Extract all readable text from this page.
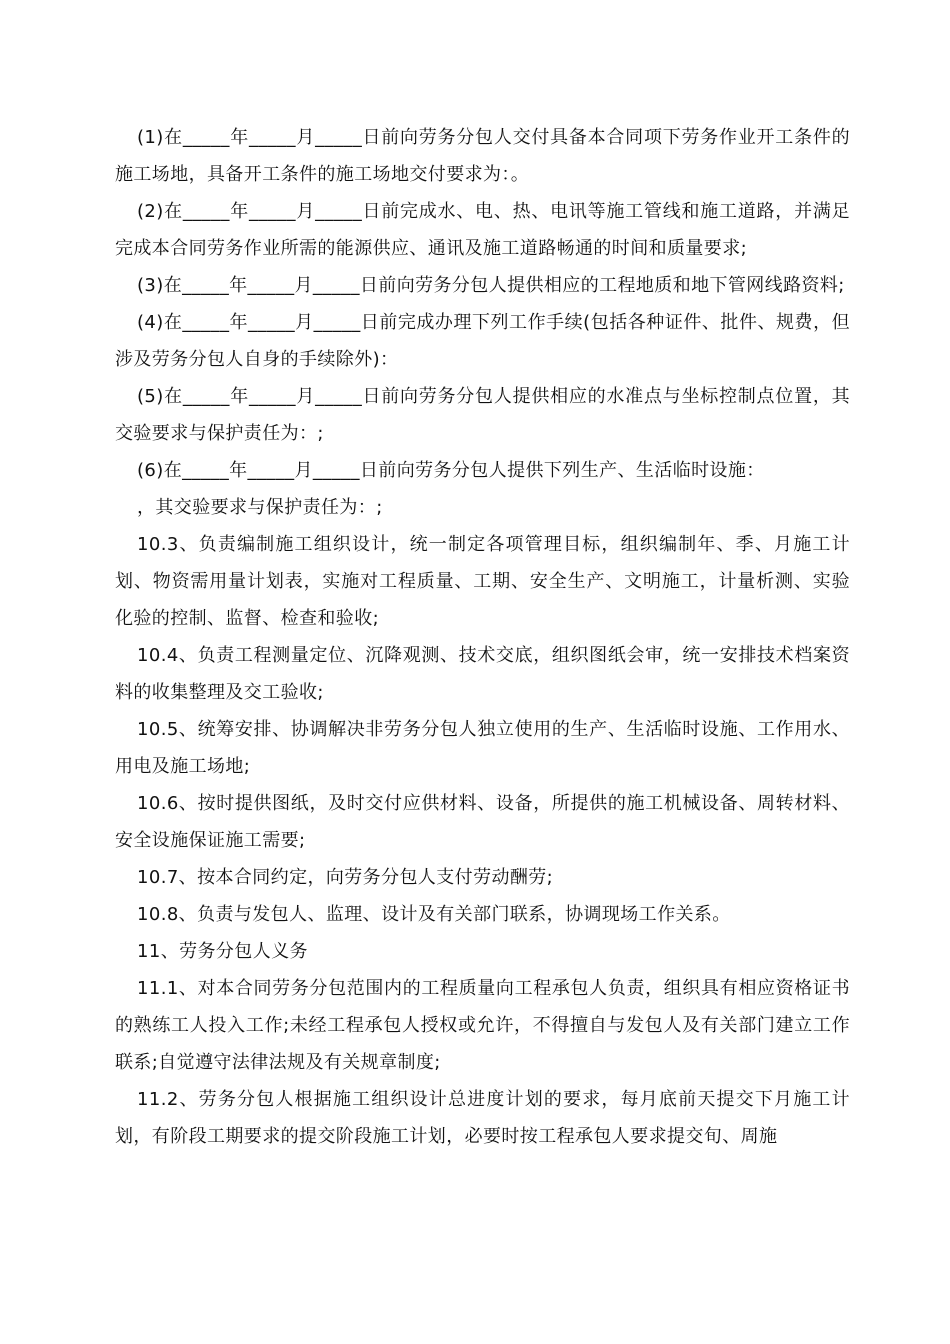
(1)在_____年_____月_____日前向劳务分包人交付具备本合同项下劳务作业开工条件的施工场地，具备开工条件的施工场地交付要求为：。

(2)在_____年_____月_____日前完成水、电、热、电讯等施工管线和施工道路，并满足完成本合同劳务作业所需的能源供应、通讯及施工道路畅通的时间和质量要求;

(3)在_____年_____月_____日前向劳务分包人提供相应的工程地质和地下管网线路资料;

(4)在_____年_____月_____日前完成办理下列工作手续(包括各种证件、批件、规费，但涉及劳务分包人自身的手续除外)：

(5)在_____年_____月_____日前向劳务分包人提供相应的水准点与坐标控制点位置，其交验要求与保护责任为：;

(6)在_____年_____月_____日前向劳务分包人提供下列生产、生活临时设施：

，其交验要求与保护责任为：;

10.3、负责编制施工组织设计，统一制定各项管理目标，组织编制年、季、月施工计划、物资需用量计划表，实施对工程质量、工期、安全生产、文明施工，计量析测、实验化验的控制、监督、检查和验收;

10.4、负责工程测量定位、沉降观测、技术交底，组织图纸会审，统一安排技术档案资料的收集整理及交工验收;

10.5、统筹安排、协调解决非劳务分包人独立使用的生产、生活临时设施、工作用水、用电及施工场地;

10.6、按时提供图纸，及时交付应供材料、设备，所提供的施工机械设备、周转材料、安全设施保证施工需要;

10.7、按本合同约定，向劳务分包人支付劳动酬劳;

10.8、负责与发包人、监理、设计及有关部门联系，协调现场工作关系。

11、劳务分包人义务

11.1、对本合同劳务分包范围内的工程质量向工程承包人负责，组织具有相应资格证书的熟练工人投入工作;未经工程承包人授权或允许，不得擅自与发包人及有关部门建立工作联系;自觉遵守法律法规及有关规章制度;

11.2、劳务分包人根据施工组织设计总进度计划的要求，每月底前天提交下月施工计划，有阶段工期要求的提交阶段施工计划，必要时按工程承包人要求提交旬、周施
